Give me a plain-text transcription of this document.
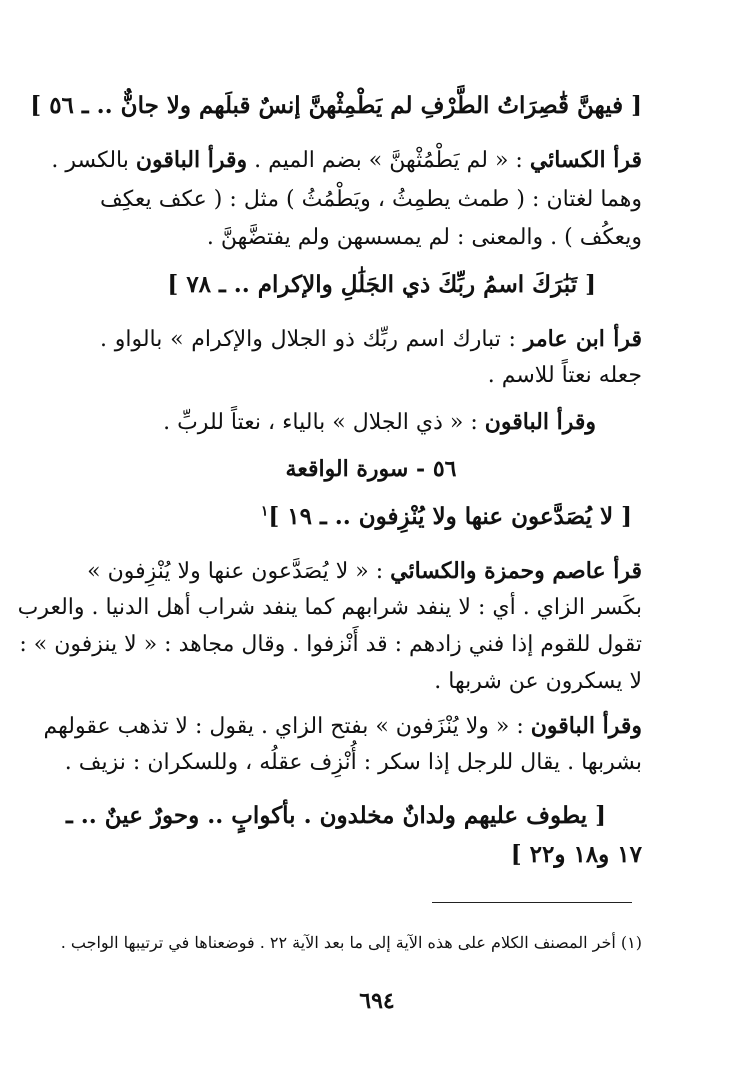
[ فيهنَّ قَٰصِرَاتُ الطَّرْفِ لم يَطْمِثْهنَّ إنسٌ قبلَهم ولا جانٌّ .. ـ ٥٦ ]
قرأ الكسائي : « لم يَطْمُثْهنَّ » بضم الميم . وقرأ الباقون بالكسر .
وهما لغتان : ( طمث يطمِثُ ، ويَطْمُثُ ) مثل : ( عكف يعكِف
ويعكُف ) . والمعنى : لم يمسسهن ولم يفتضَّهنَّ .
[ تَبَٰرَكَ اسمُ ربِّكَ ذي الجَلَٰلِ والإكرام .. ـ ٧٨ ]
قرأ ابن عامر : تبارك اسم ربِّك ذو الجلال والإكرام » بالواو .
جعله نعتاً للاسم .
وقرأ الباقون : « ذي الجلال » بالياء ، نعتاً للربِّ .
٥٦ - سورة الواقعة
[ لا يُصَدَّعون عنها ولا يُنْزِفون .. ـ ١٩ ]$^١$
قرأ عاصم وحمزة والكسائي : « لا يُصَدَّعون عنها ولا يُنْزِفون »
بكَسر الزاي . أي : لا ينفد شرابهم كما ينفد شراب أهل الدنيا . والعرب
تقول للقوم إذا فني زادهم : قد أَنْزفوا . وقال مجاهد : « لا ينزفون » :
لا يسكرون عن شربها .
وقرأ الباقون : « ولا يُنْزَفون » بفتح الزاي . يقول : لا تذهب عقولهم
بشربها . يقال للرجل إذا سكر : أُنْزِف عقلُه ، وللسكران : نزيف .
[ يطوف عليهم ولدانٌ مخلدون . بأكوابٍ .. وحورٌ عينٌ .. ـ
١٧ و١٨ و٢٢ ]
(١) أخر المصنف الكلام على هذه الآية إلى ما بعد الآية ٢٢ . فوضعناها في ترتيبها الواجب .
٦٩٤
